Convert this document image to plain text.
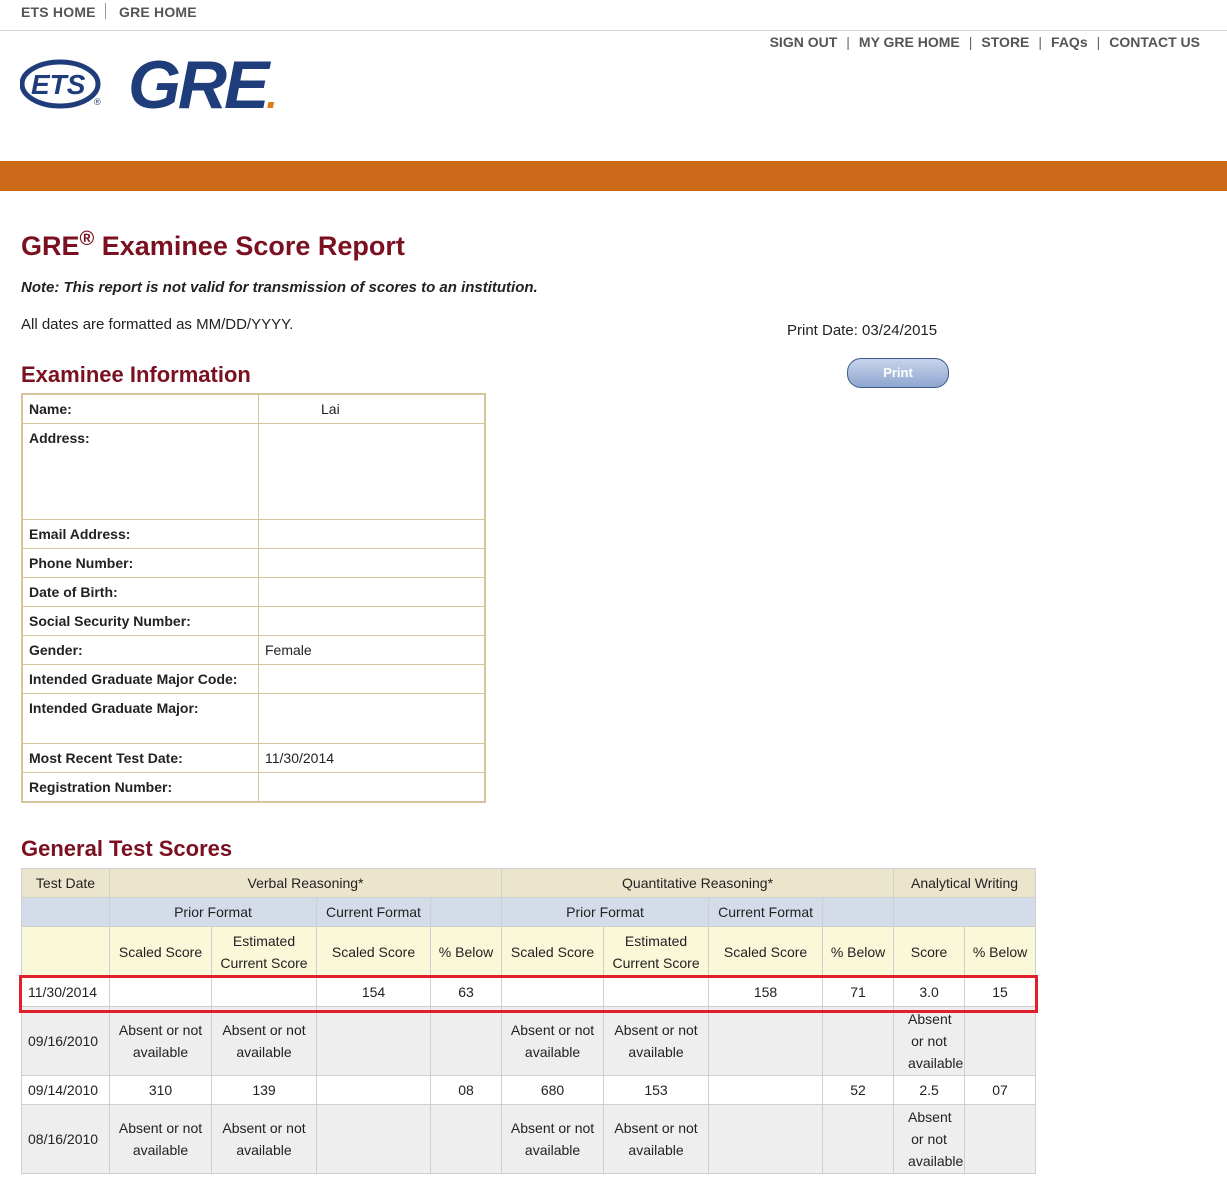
ETS HOME GRE HOME
SIGN OUT | MY GRE HOME | STORE | FAQs | CONTACT US
ETS
® GRE.
GRE® Examinee Score Report
Note: This report is not valid for transmission of scores to an institution.
All dates are formatted as MM/DD/YYYY.	Print Date: 03/24/2015
Print
Examinee Information
Name:	Lai
Address:	
Email Address:	
Phone Number:	
Date of Birth:	
Social Security Number:	
Gender:	Female
Intended Graduate Major Code:	
Intended Graduate Major:	
Most Recent Test Date:	11/30/2014
Registration Number:	
General Test Scores
Test Date	Verbal Reasoning*				Quantitative Reasoning*				Analytical Writing	
	Prior Format		Current Format		Prior Format		Current Format			
	Scaled Score	Estimated Current Score	Scaled Score	% Below	Scaled Score	Estimated Current Score	Scaled Score	% Below	Score	% Below
11/30/2014			154	63			158	71	3.0	15
09/16/2010	Absent or not available	Absent or not available			Absent or not available	Absent or not available			Absent or not available	
09/14/2010	310	139		08	680	153		52	2.5	07
08/16/2010	Absent or not available	Absent or not available			Absent or not available	Absent or not available			Absent or not available	
